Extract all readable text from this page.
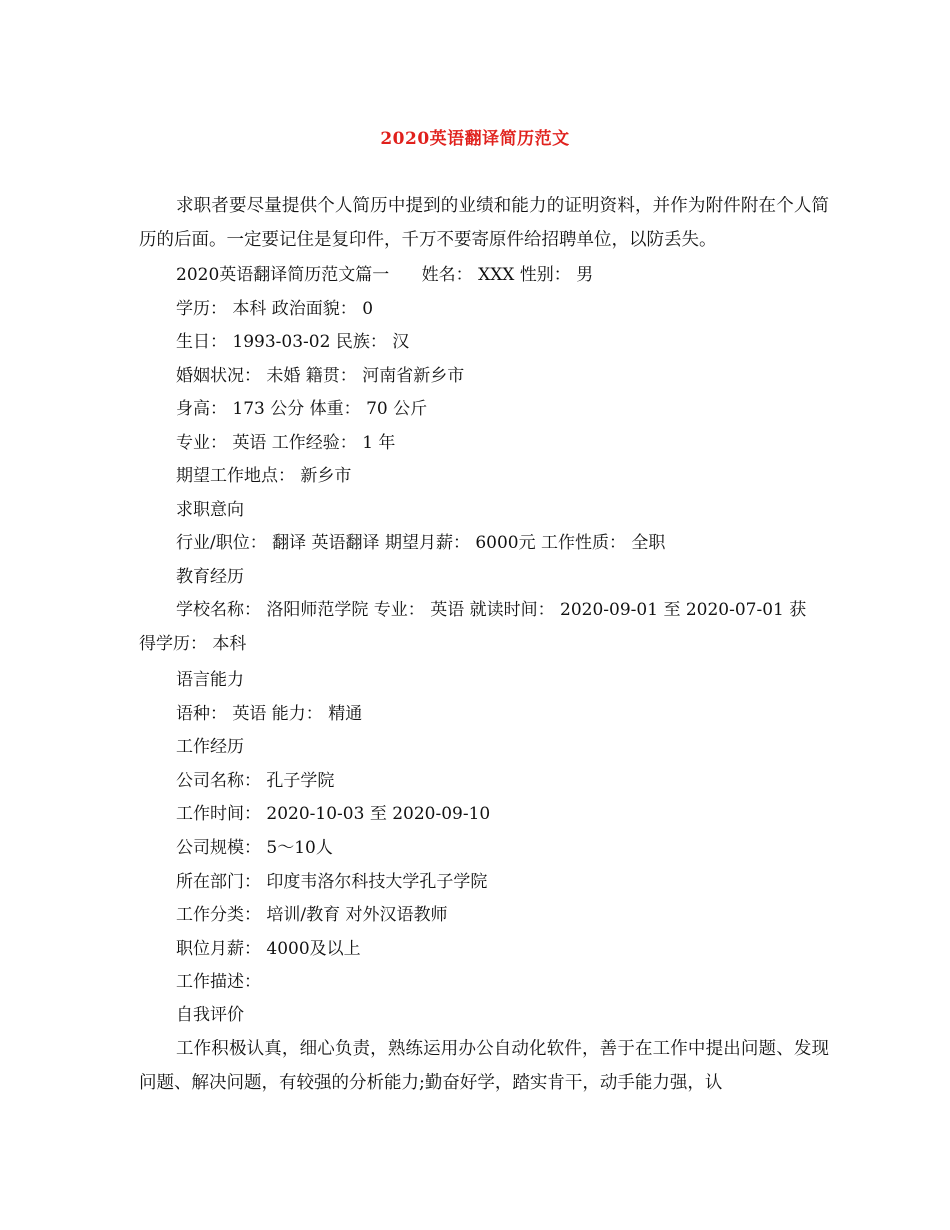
2020英语翻译简历范文

求职者要尽量提供个人简历中提到的业绩和能力的证明资料，并作为附件附在个人简历的后面。一定要记住是复印件，千万不要寄原件给招聘单位，以防丢失。

2020英语翻译简历范文篇一      姓名： XXX 性别： 男

学历： 本科 政治面貌： 0

生日： 1993-03-02 民族： 汉

婚姻状况： 未婚 籍贯： 河南省新乡市

身高： 173 公分 体重： 70 公斤

专业： 英语 工作经验： 1 年

期望工作地点： 新乡市

求职意向

行业/职位： 翻译 英语翻译 期望月薪： 6000元 工作性质： 全职

教育经历

学校名称： 洛阳师范学院 专业： 英语 就读时间： 2020-09-01 至 2020-07-01 获得学历： 本科

语言能力

语种： 英语 能力： 精通

工作经历

公司名称： 孔子学院

工作时间： 2020-10-03 至 2020-09-10

公司规模： 5～10人

所在部门： 印度韦洛尔科技大学孔子学院

工作分类： 培训/教育 对外汉语教师

职位月薪： 4000及以上

工作描述：

自我评价

工作积极认真，细心负责，熟练运用办公自动化软件，善于在工作中提出问题、发现问题、解决问题，有较强的分析能力;勤奋好学，踏实肯干，动手能力强，认
